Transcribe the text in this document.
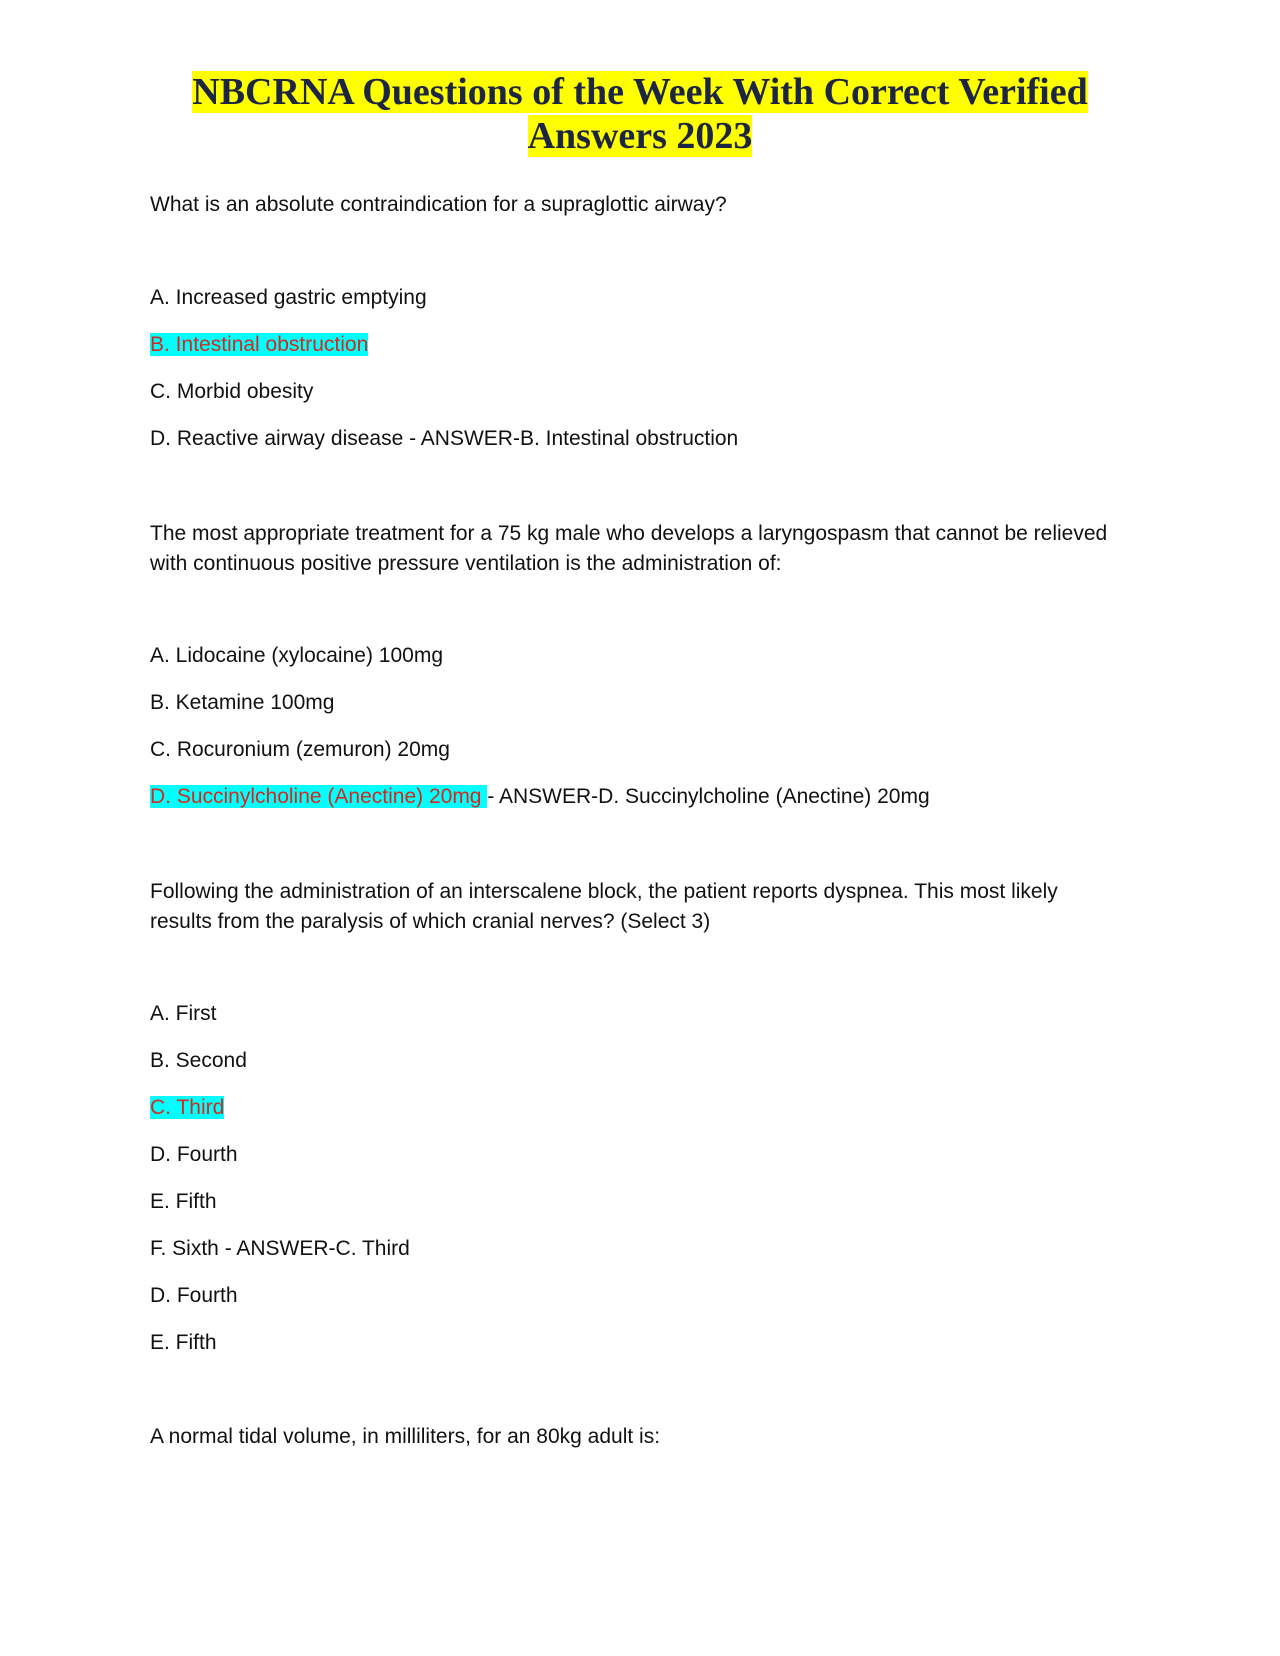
NBCRNA Questions of the Week With Correct Verified
Answers 2023
What is an absolute contraindication for a supraglottic airway?
A. Increased gastric emptying
B. Intestinal obstruction
C. Morbid obesity
D. Reactive airway disease - ANSWER-B. Intestinal obstruction
The most appropriate treatment for a 75 kg male who develops a laryngospasm that cannot be relieved
with continuous positive pressure ventilation is the administration of:
A. Lidocaine (xylocaine) 100mg
B. Ketamine 100mg
C. Rocuronium (zemuron) 20mg
D. Succinylcholine (Anectine) 20mg - ANSWER-D. Succinylcholine (Anectine) 20mg
Following the administration of an interscalene block, the patient reports dyspnea. This most likely
results from the paralysis of which cranial nerves? (Select 3)
A. First
B. Second
C. Third
D. Fourth
E. Fifth
F. Sixth - ANSWER-C. Third
D. Fourth
E. Fifth
A normal tidal volume, in milliliters, for an 80kg adult is:
